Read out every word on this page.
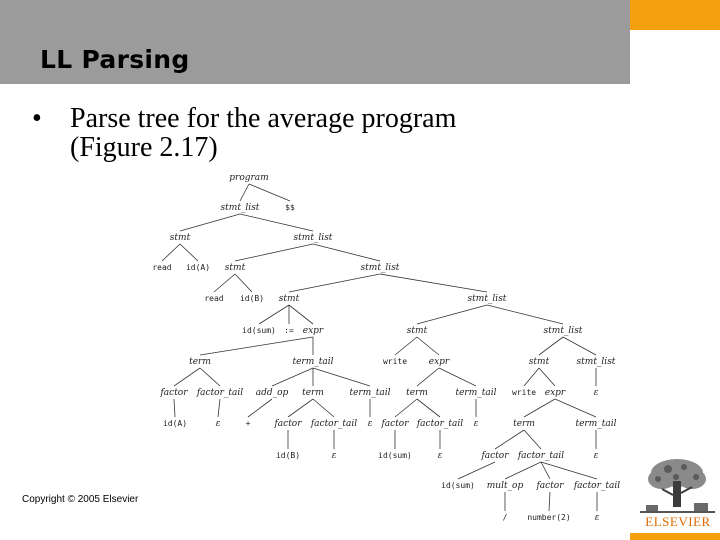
LL Parsing
• Parse tree for the average program
(Figure 2.17)
program
stmt_list	$$
stmt	stmt_list
read id(A) stmt	stmt_list
read id(B) stmt	stmt_list
id(sum) := expr	stmt	stmt_list
term	term_tail	write expr	stmt	stmt_list
factor factor_tail add_op term	term_tail term	term_tail write expr	ε
id(A)	ε	+	factor factor_tail ε factor factor_tail ε	term	term_tail
id(B)	ε	id(sum)	ε	factor factor_tail	ε
id(sum) mult_op factor factor_tail
/ number(2)	ε
Copyright © 2005 Elsevier
ELSEVIER
